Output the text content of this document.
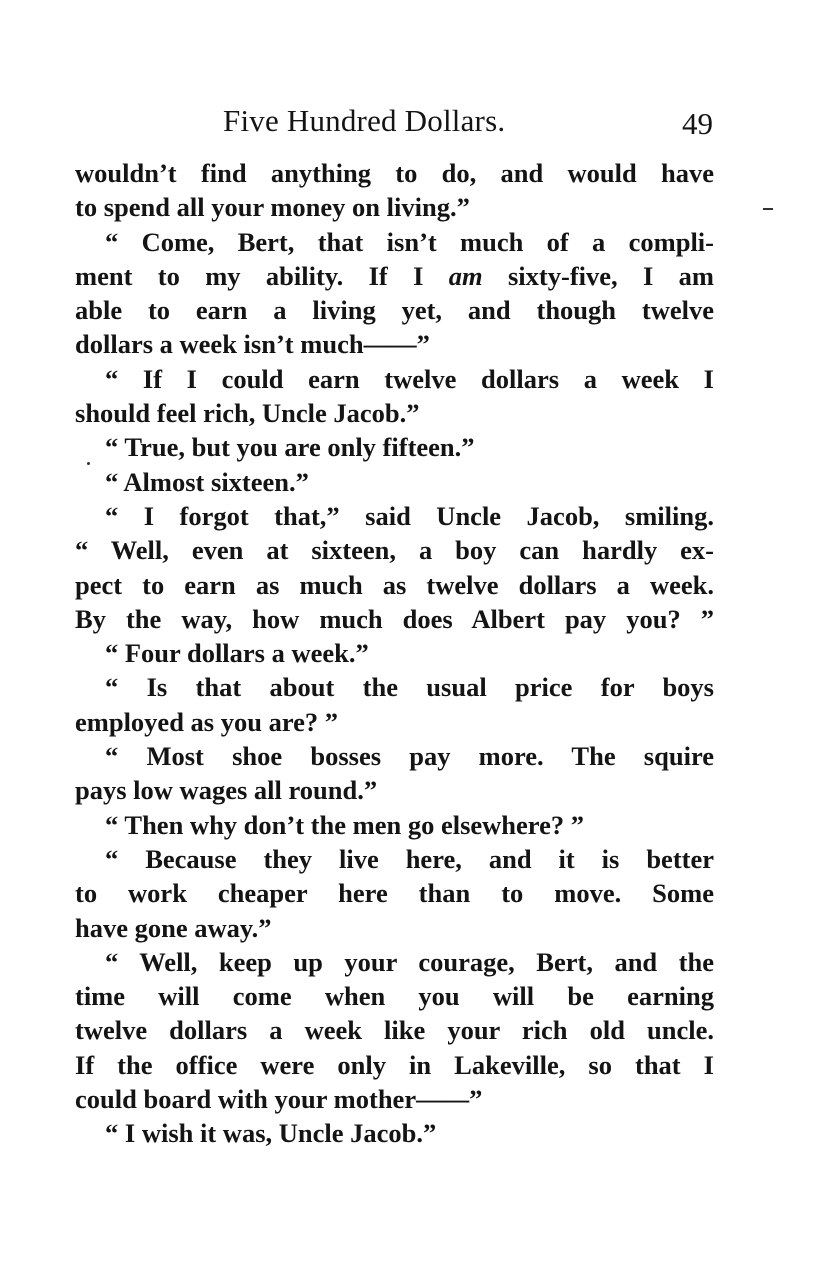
Five Hundred Dollars.	49
wouldn’t find anything to do, and would have
to spend all your money on living.”
“ Come, Bert, that isn’t much of a compli-
ment to my ability. If I am sixty-five, I am
able to earn a living yet, and though twelve
dollars a week isn’t much——”
“ If I could earn twelve dollars a week I
should feel rich, Uncle Jacob.”
“ True, but you are only fifteen.”
“ Almost sixteen.”
“ I forgot that,” said Uncle Jacob, smiling.
“ Well, even at sixteen, a boy can hardly ex-
pect to earn as much as twelve dollars a week.
By the way, how much does Albert pay you? ”
“ Four dollars a week.”
“ Is that about the usual price for boys
employed as you are? ”
“ Most shoe bosses pay more. The squire
pays low wages all round.”
“ Then why don’t the men go elsewhere? ”
“ Because they live here, and it is better
to work cheaper here than to move. Some
have gone away.”
“ Well, keep up your courage, Bert, and the
time will come when you will be earning
twelve dollars a week like your rich old uncle.
If the office were only in Lakeville, so that I
could board with your mother——”
“ I wish it was, Uncle Jacob.”
